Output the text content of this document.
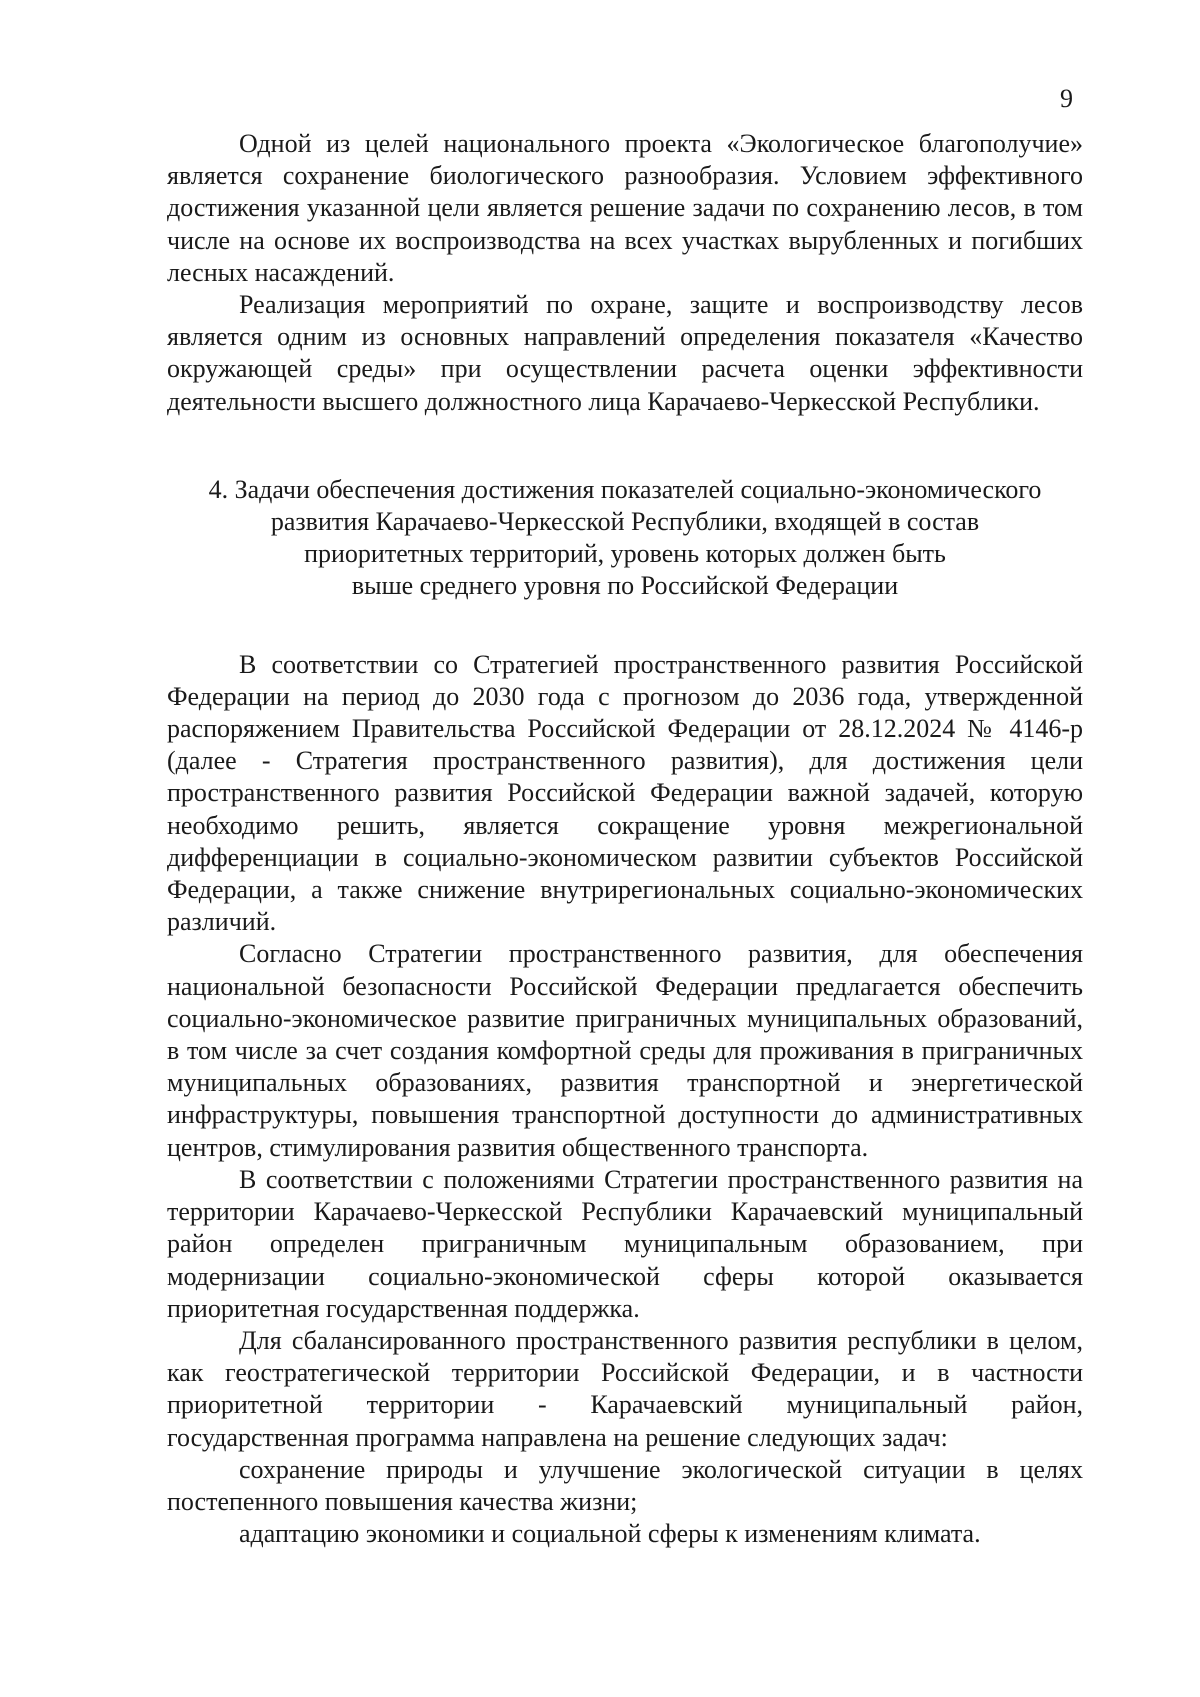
9

Одной из целей национального проекта «Экологическое благополучие» является сохранение биологического разнообразия. Условием эффективного достижения указанной цели является решение задачи по сохранению лесов, в том числе на основе их воспроизводства на всех участках вырубленных и погибших лесных насаждений.

Реализация мероприятий по охране, защите и воспроизводству лесов является одним из основных направлений определения показателя «Качество окружающей среды» при осуществлении расчета оценки эффективности деятельности высшего должностного лица Карачаево-Черкесской Республики.

4. Задачи обеспечения достижения показателей социально-экономического
развития Карачаево-Черкесской Республики, входящей в состав
приоритетных территорий, уровень которых должен быть
выше среднего уровня по Российской Федерации

В соответствии со Стратегией пространственного развития Российской Федерации на период до 2030 года с прогнозом до 2036 года, утвержденной распоряжением Правительства Российской Федерации от 28.12.2024 № 4146-р (далее - Стратегия пространственного развития), для достижения цели пространственного развития Российской Федерации важной задачей, которую необходимо решить, является сокращение уровня межрегиональной дифференциации в социально-экономическом развитии субъектов Российской Федерации, а также снижение внутрирегиональных социально-экономических различий.

Согласно Стратегии пространственного развития, для обеспечения национальной безопасности Российской Федерации предлагается обеспечить социально-экономическое развитие приграничных муниципальных образований, в том числе за счет создания комфортной среды для проживания в приграничных муниципальных образованиях, развития транспортной и энергетической инфраструктуры, повышения транспортной доступности до административных центров, стимулирования развития общественного транспорта.

В соответствии с положениями Стратегии пространственного развития на территории Карачаево-Черкесской Республики Карачаевский муниципальный район определен приграничным муниципальным образованием, при модернизации социально-экономической сферы которой оказывается приоритетная государственная поддержка.

Для сбалансированного пространственного развития республики в целом, как геостратегической территории Российской Федерации, и в частности приоритетной территории - Карачаевский муниципальный район, государственная программа направлена на решение следующих задач:

сохранение природы и улучшение экологической ситуации в целях постепенного повышения качества жизни;

адаптацию экономики и социальной сферы к изменениям климата.
